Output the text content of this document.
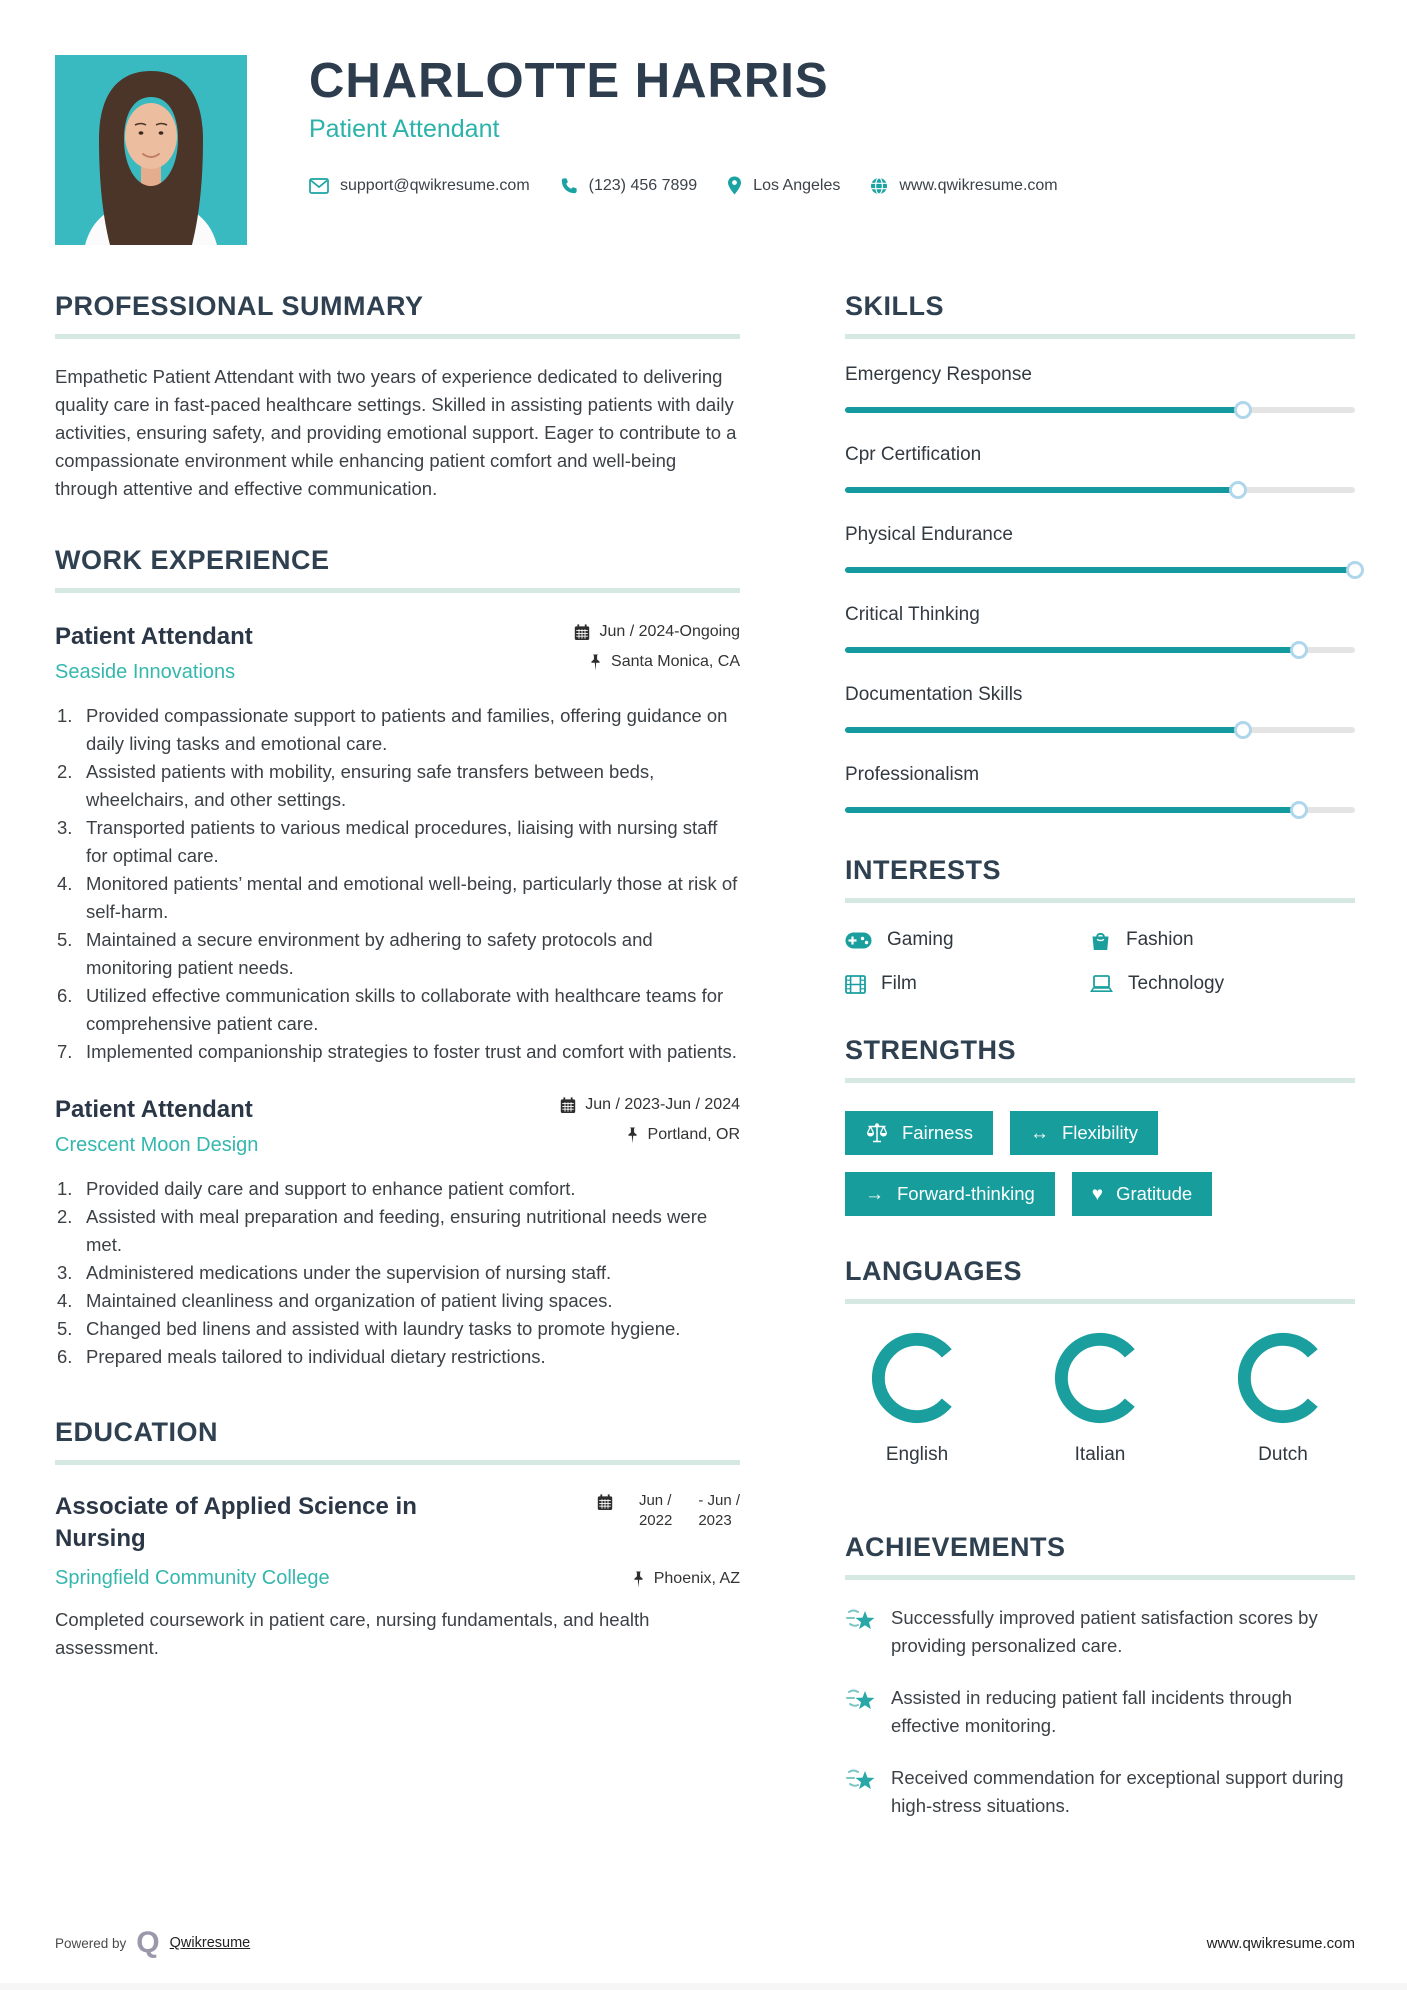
CHARLOTTE HARRIS
Patient Attendant
support@qwikresume.com	(123) 456 7899	Los Angeles	www.qwikresume.com
PROFESSIONAL SUMMARY

Empathetic Patient Attendant with two years of experience dedicated to delivering quality care in fast-paced healthcare settings. Skilled in assisting patients with daily activities, ensuring safety, and providing emotional support. Eager to contribute to a compassionate environment while enhancing patient comfort and well-being through attentive and effective communication.

WORK EXPERIENCE
Patient Attendant
Seaside Innovations
Jun / 2024-Ongoing
Santa Monica, CA
Provided compassionate support to patients and families, offering guidance on daily living tasks and emotional care.
Assisted patients with mobility, ensuring safe transfers between beds, wheelchairs, and other settings.
Transported patients to various medical procedures, liaising with nursing staff for optimal care.
Monitored patients’ mental and emotional well-being, particularly those at risk of self-harm.
Maintained a secure environment by adhering to safety protocols and monitoring patient needs.
Utilized effective communication skills to collaborate with healthcare teams for comprehensive patient care.
Implemented companionship strategies to foster trust and comfort with patients.
Patient Attendant
Crescent Moon Design
Jun / 2023-Jun / 2024
Portland, OR
Provided daily care and support to enhance patient comfort.
Assisted with meal preparation and feeding, ensuring nutritional needs were met.
Administered medications under the supervision of nursing staff.
Maintained cleanliness and organization of patient living spaces.
Changed bed linens and assisted with laundry tasks to promote hygiene.
Prepared meals tailored to individual dietary restrictions.
EDUCATION
Associate of Applied Science in Nursing
Jun /
2022
- Jun /
2023
Springfield Community College	Phoenix, AZ
Completed coursework in patient care, nursing fundamentals, and health assessment.
SKILLS
Emergency Response
Cpr Certification
Physical Endurance
Critical Thinking
Documentation Skills
Professionalism
INTERESTS
Gaming	Fashion
Film	Technology
STRENGTHS
Fairness	↔ Flexibility
→ Forward-thinking	♥ Gratitude
LANGUAGES
English	Italian	Dutch
ACHIEVEMENTS
Successfully improved patient satisfaction scores by providing personalized care.
Assisted in reducing patient fall incidents through effective monitoring.
Received commendation for exceptional support during high-stress situations.
Powered by Q Qwikresume	www.qwikresume.com
